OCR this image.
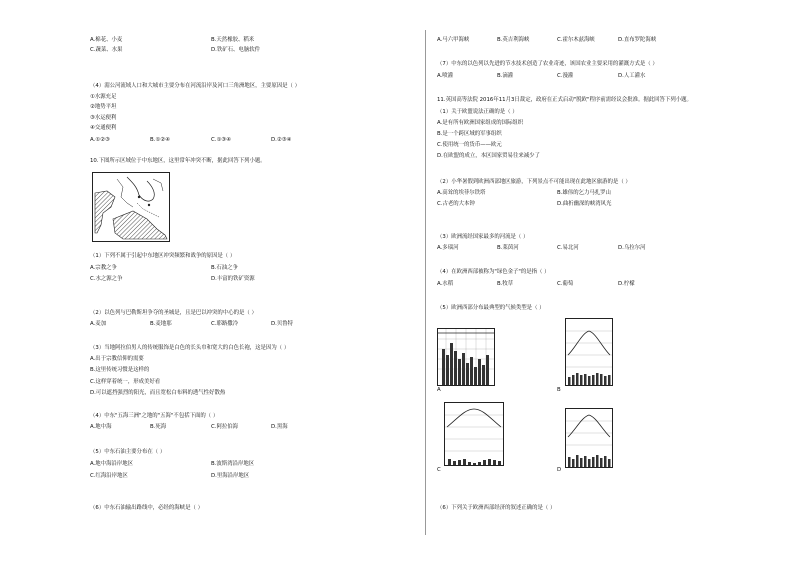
A.棉花、小麦	B.天然橡胶、稻米
C.蔬菜、水果	D.铁矿石、电脑软件
（4）湄公河流域人口和大城市主要分布在河流沿岸及河口三角洲地区，主要原因是（ ）
①水源充足
②地势平坦
③水运便利
④交通便利
A.①②③	B.①②④	C.①③④	D.②③④
10.下图所示区域位于中东地区，这里常年冲突不断，据此回答下列小题。
（1）下列不属于引起中东地区冲突频繁和战争的原因是（ ）
A.宗教之争	B.石油之争
C.水之源之争	D.丰富的铁矿资源
（2）以色列与巴勒斯坦争夺的圣城是，且是巴以冲突的中心的是（ ）
A.麦加	B.麦地那	C.耶路撒冷	D.贝鲁特
（3）当地阿拉伯男人的传统服饰是白色的长头巾和宽大的白色长袍，这是因为（ ）
A.出于宗教信仰的需要
B.这里传统习惯是这样的
C.这样穿着统一，形成美好看
D.可以遮挡强烈的阳光，而且宽松白布料的透气性好散热
（4）中东"五海三洲"之地的"五海"不包括下面的（ ）
A.地中海	B.死海	C.阿拉伯海	D.黑海
（5）中东石油主要分布在（ ）
A.地中海沿岸地区	B.波斯湾沿岸地区
C.红海沿岸地区	D.里海沿岸地区
（6）中东石油输出路线中，必经的海峡是（ ）
A.马六甲海峡	B.英吉利海峡	C.霍尔木兹海峡	D.直布罗陀海峡
（7）中东的以色列以先进的节水技术创造了农业奇迹，该国农业主要采用的灌溉方式是（ ）
A.喷灌	B.滴灌	C.漫灌	D.人工灌水
11.英国高等法院 2016年11月3日裁定，政府在正式启动"脱欧"程序前需经议会批准。据此回答下列小题。
（1）关于欧盟说法正确的是（ ）
A.是有所有欧洲国家组成的国际组织
B.是一个跨区域的军事组织
C.使用统一的货币——欧元
D.在欧盟的成立，本区国家贸易往来减少了
（2）小华暑假到欧洲西部地区旅游，下列景点不可能出现在此地区旅游的是（ ）
A.高耸的埃菲尔铁塔	B.雄伟的乞力马扎罗山
C.古老的大本钟	D.曲折幽深的峡湾风光
（3）欧洲流经国家最多的河流是（ ）
A.多瑙河	B.莱茵河	C.易北河	D.乌拉尔河
（4）在欧洲西部被称为"绿色金子"的是指（ ）
A.水稻	B.牧草	C.葡萄	D.柠檬
（5）欧洲西部分布最典型的气候类型是（ ）
A	B
C	D
（6）下列关于欧洲西部经济的叙述正确的是（ ）
